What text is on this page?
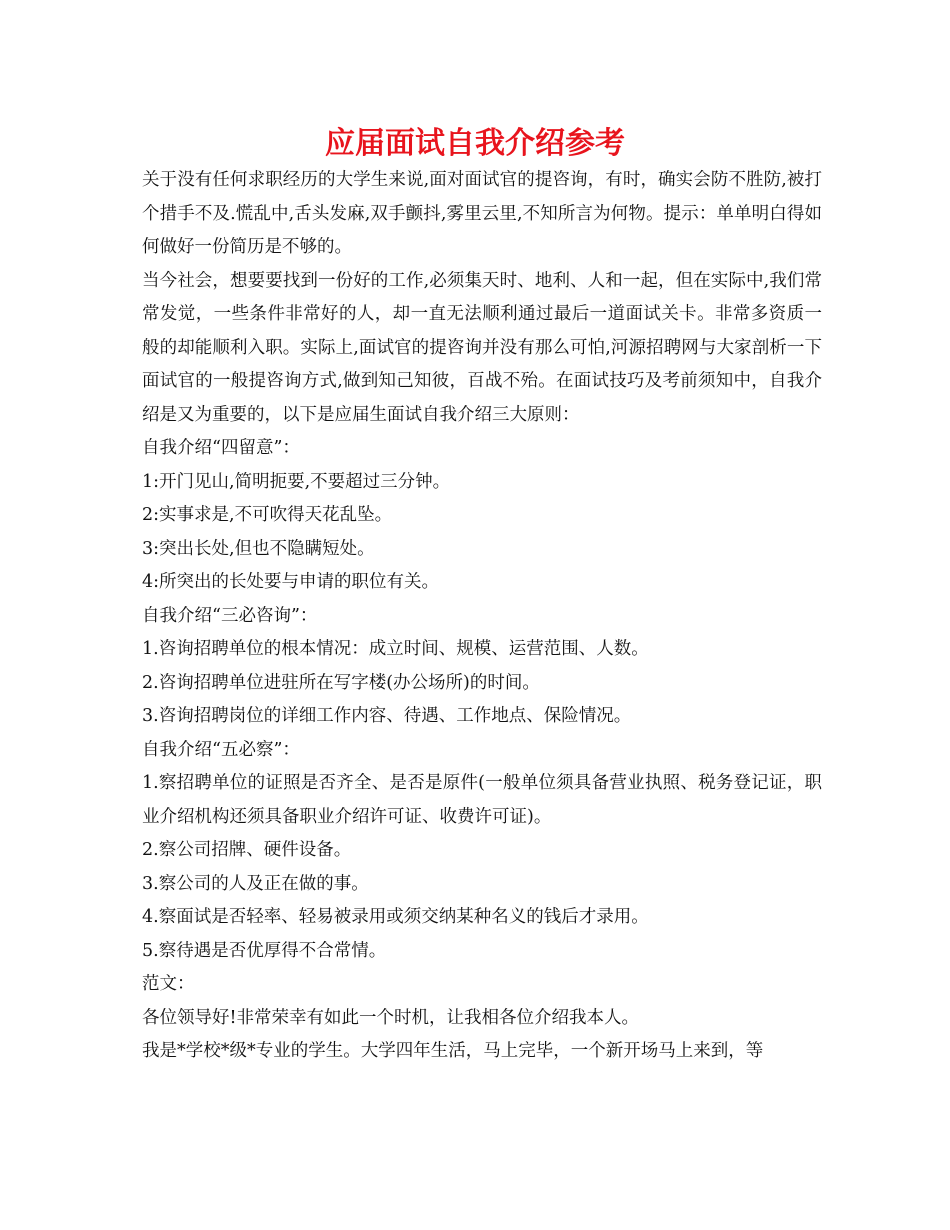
应届面试自我介绍参考

关于没有任何求职经历的大学生来说,面对面试官的提咨询，有时，确实会防不胜防,被打个措手不及.慌乱中,舌头发麻,双手颤抖,雾里云里,不知所言为何物。提示：单单明白得如何做好一份简历是不够的。

当今社会，想要要找到一份好的工作,必须集天时、地利、人和一起，但在实际中,我们常常发觉，一些条件非常好的人，却一直无法顺利通过最后一道面试关卡。非常多资质一般的却能顺利入职。实际上,面试官的提咨询并没有那么可怕,河源招聘网与大家剖析一下面试官的一般提咨询方式,做到知己知彼，百战不殆。在面试技巧及考前须知中，自我介绍是又为重要的，以下是应届生面试自我介绍三大原则：

自我介绍“四留意”：

1:开门见山,简明扼要,不要超过三分钟。

2:实事求是,不可吹得天花乱坠。

3:突出长处,但也不隐瞒短处。

4:所突出的长处要与申请的职位有关。

自我介绍“三必咨询”：

1.咨询招聘单位的根本情况：成立时间、规模、运营范围、人数。

2.咨询招聘单位进驻所在写字楼(办公场所)的时间。

3.咨询招聘岗位的详细工作内容、待遇、工作地点、保险情况。

自我介绍“五必察”：

1.察招聘单位的证照是否齐全、是否是原件(一般单位须具备营业执照、税务登记证，职业介绍机构还须具备职业介绍许可证、收费许可证)。

2.察公司招牌、硬件设备。

3.察公司的人及正在做的事。

4.察面试是否轻率、轻易被录用或须交纳某种名义的钱后才录用。

5.察待遇是否优厚得不合常情。

范文：

各位领导好!非常荣幸有如此一个时机，让我相各位介绍我本人。

我是*学校*级*专业的学生。大学四年生活，马上完毕，一个新开场马上来到，等
